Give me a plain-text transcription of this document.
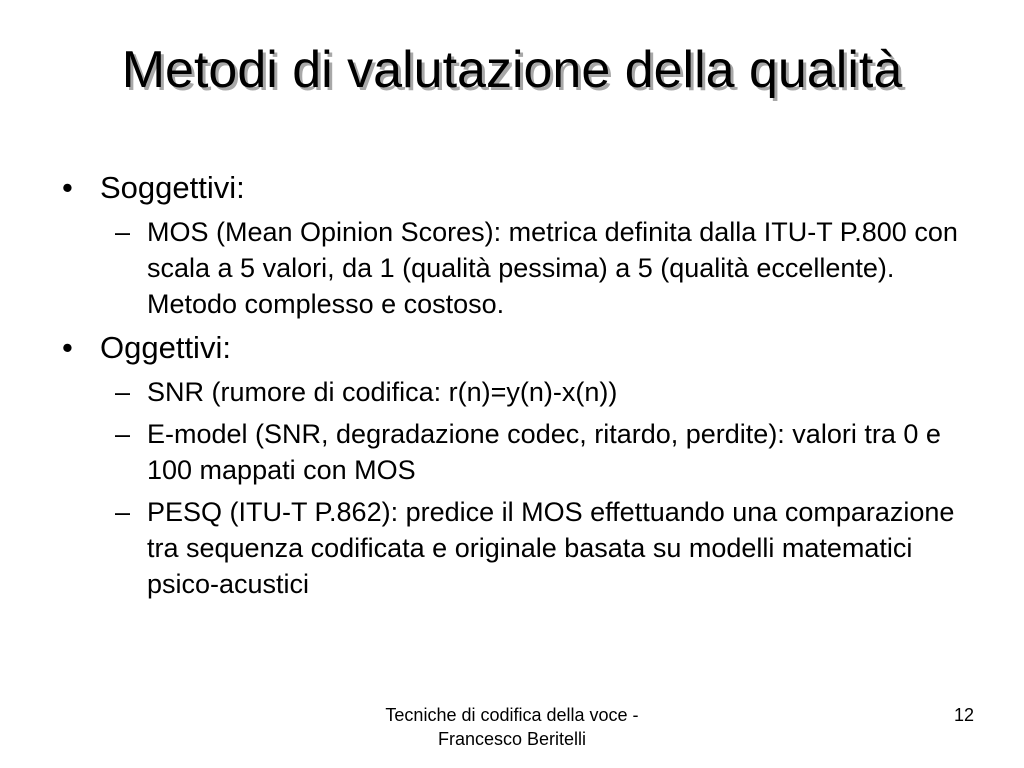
Metodi di valutazione della qualità
• Soggettivi:
– MOS (Mean Opinion Scores): metrica definita dalla ITU-T P.800 con scala a 5 valori, da 1 (qualità pessima) a 5 (qualità eccellente). Metodo complesso e costoso.
• Oggettivi:
– SNR (rumore di codifica: r(n)=y(n)-x(n))
– E-model (SNR, degradazione codec, ritardo, perdite): valori tra 0 e 100 mappati con MOS
– PESQ (ITU-T P.862): predice il MOS effettuando una comparazione tra sequenza codificata e originale basata su modelli matematici psico-acustici
Tecniche di codifica della voce -
Francesco Beritelli
12
